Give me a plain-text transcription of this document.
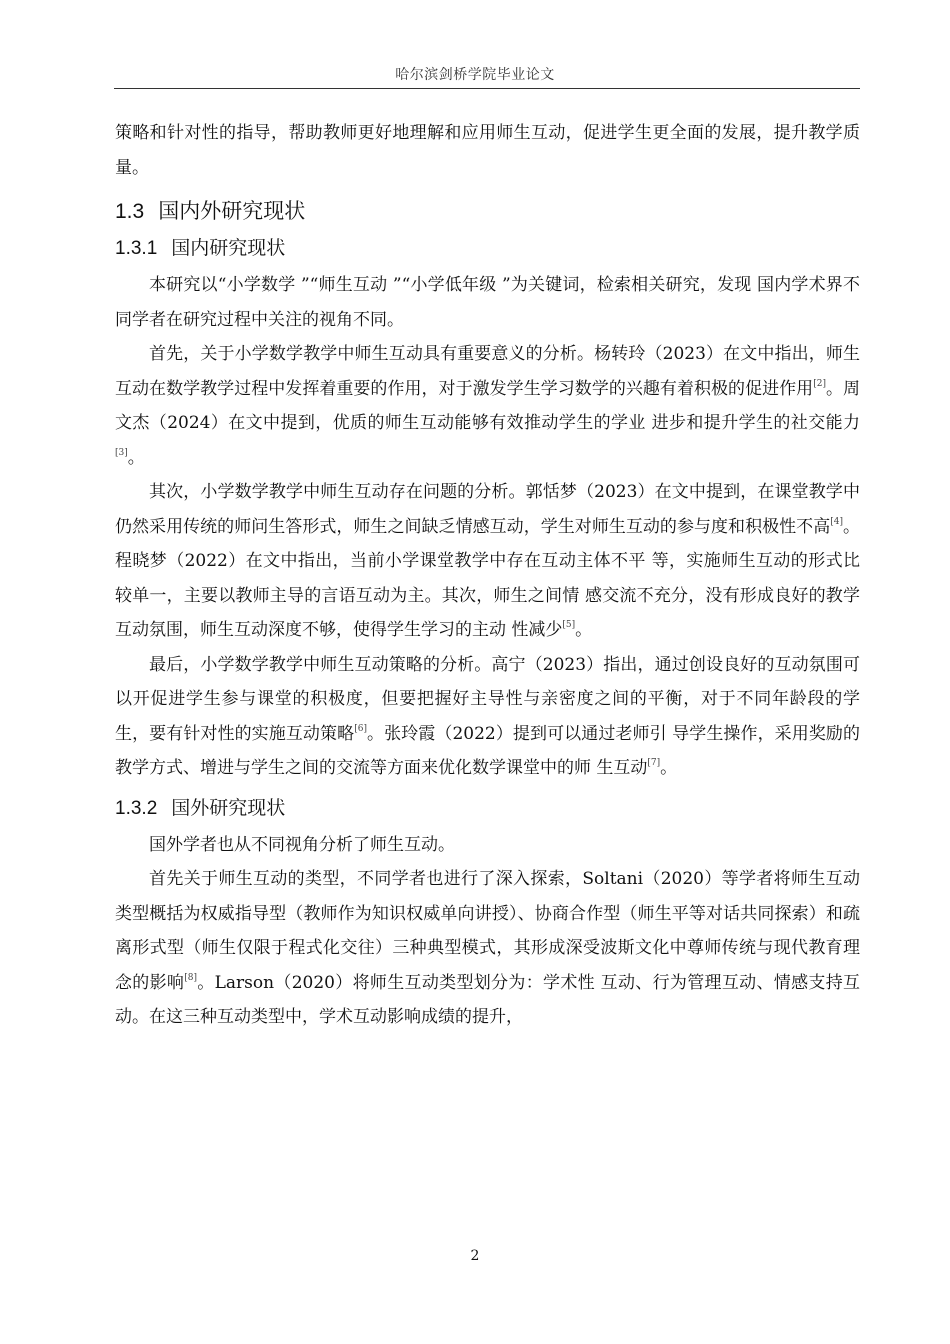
哈尔滨剑桥学院毕业论文

策略和针对性的指导，帮助教师更好地理解和应用师生互动，促进学生更全面的发展，提升教学质量。

1.3 国内外研究现状
1.3.1 国内研究现状

本研究以“小学数学 ”“师生互动 ”“小学低年级 ”为关键词，检索相关研究，发现 国内学术界不同学者在研究过程中关注的视角不同。

首先，关于小学数学教学中师生互动具有重要意义的分析。杨转玲（2023）在文中指出，师生互动在数学教学过程中发挥着重要的作用，对于激发学生学习数学的兴趣有着积极的促进作用[2]。周文杰（2024）在文中提到，优质的师生互动能够有效推动学生的学业 进步和提升学生的社交能力[3]。

其次，小学数学教学中师生互动存在问题的分析。郭恬梦（2023）在文中提到，在课堂教学中仍然采用传统的师问生答形式，师生之间缺乏情感互动，学生对师生互动的参与度和积极性不高[4]。程晓梦（2022）在文中指出，当前小学课堂教学中存在互动主体不平 等，实施师生互动的形式比较单一，主要以教师主导的言语互动为主。其次，师生之间情 感交流不充分，没有形成良好的教学互动氛围，师生互动深度不够，使得学生学习的主动 性减少[5]。

最后，小学数学教学中师生互动策略的分析。高宁（2023）指出，通过创设良好的互动氛围可以开促进学生参与课堂的积极度，但要把握好主导性与亲密度之间的平衡，对于不同年龄段的学生，要有针对性的实施互动策略[6]。张玲霞（2022）提到可以通过老师引 导学生操作，采用奖励的教学方式、增进与学生之间的交流等方面来优化数学课堂中的师 生互动[7]。

1.3.2 国外研究现状

国外学者也从不同视角分析了师生互动。

首先关于师生互动的类型，不同学者也进行了深入探索，Soltani（2020）等学者将师生互动类型概括为权威指导型（教师作为知识权威单向讲授）、协商合作型（师生平等对话共同探索）和疏离形式型（师生仅限于程式化交往）三种典型模式，其形成深受波斯文化中尊师传统与现代教育理念的影响[8]。Larson（2020）将师生互动类型划分为：学术性 互动、行为管理互动、情感支持互动。在这三种互动类型中，学术互动影响成绩的提升，

2
